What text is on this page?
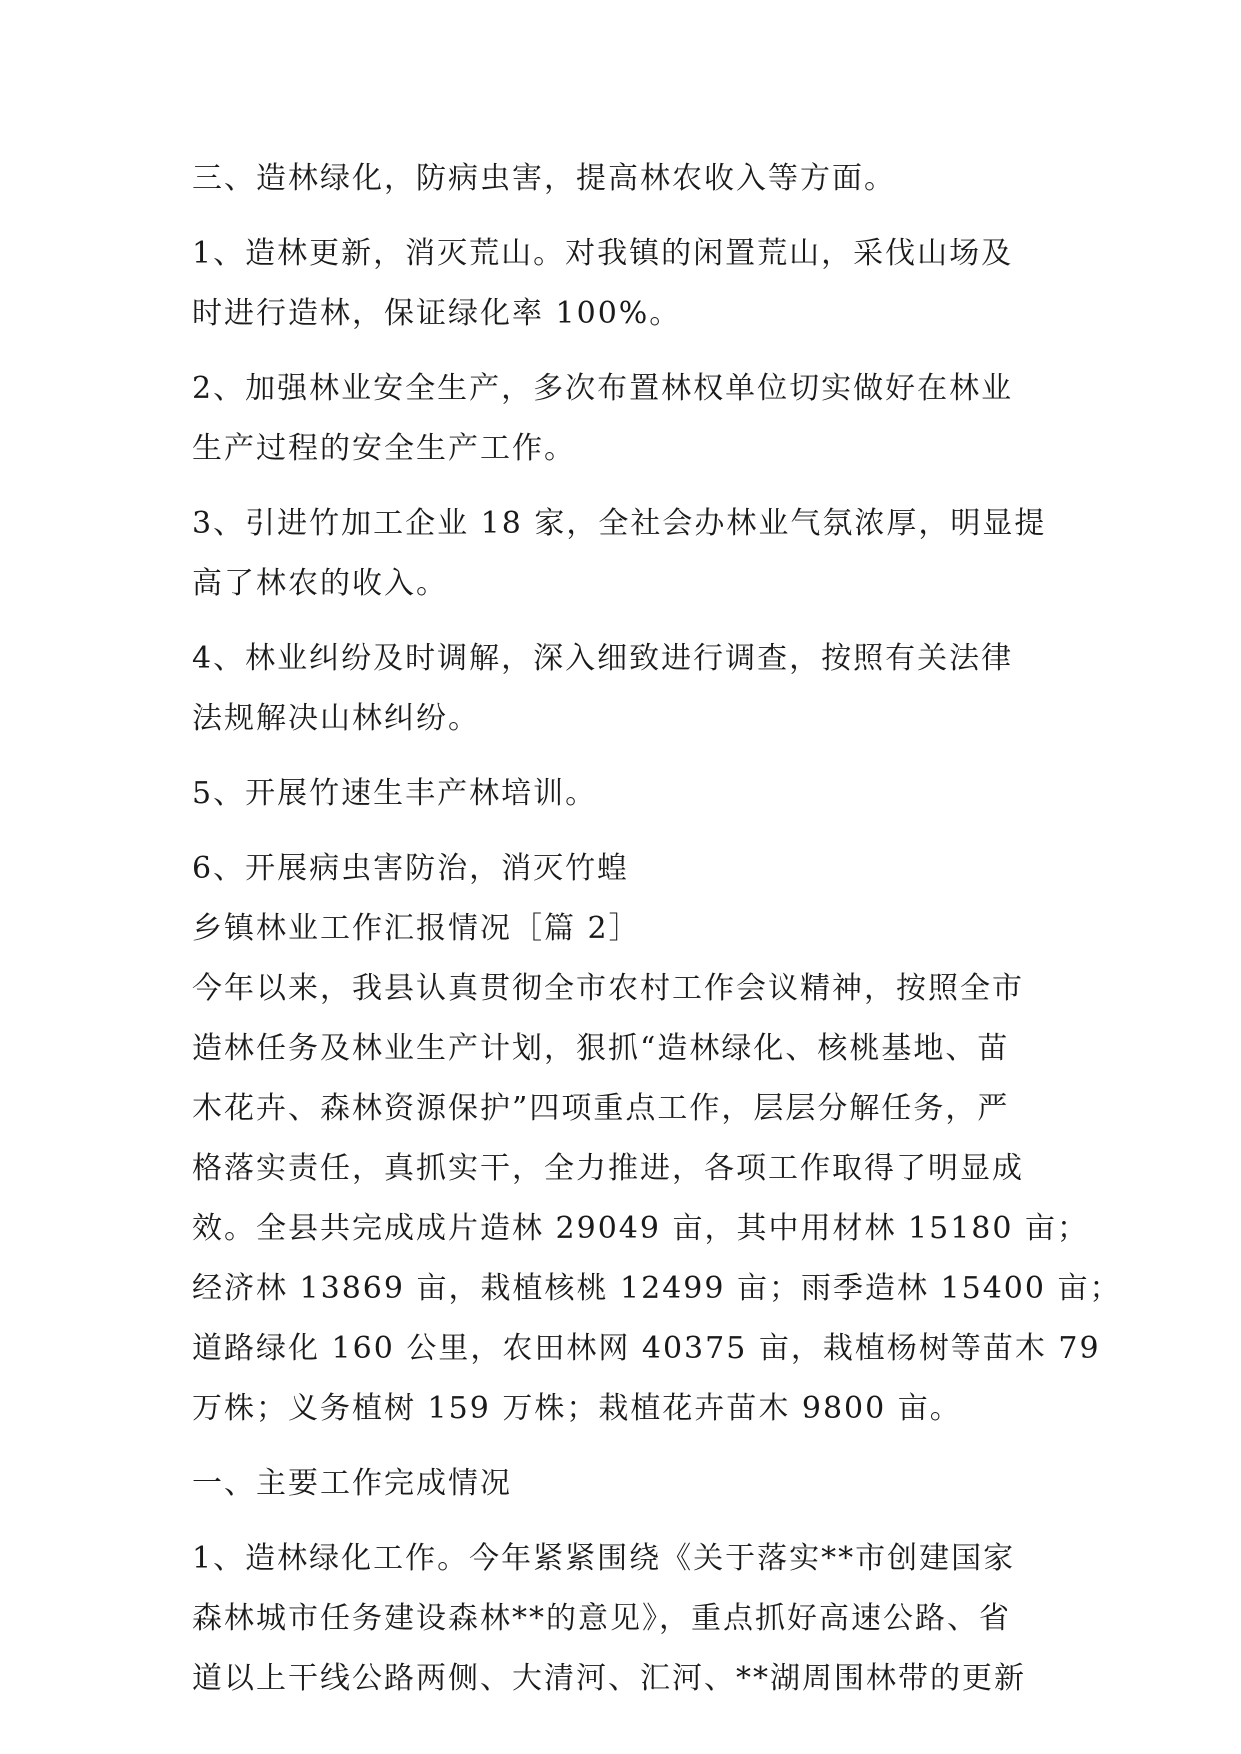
三、造林绿化，防病虫害，提高林农收入等方面。

1、造林更新，消灭荒山。对我镇的闲置荒山，采伐山场及

时进行造林，保证绿化率 100%。

2、加强林业安全生产，多次布置林权单位切实做好在林业

生产过程的安全生产工作。

3、引进竹加工企业 18 家，全社会办林业气氛浓厚，明显提

高了林农的收入。

4、林业纠纷及时调解，深入细致进行调查，按照有关法律

法规解决山林纠纷。

5、开展竹速生丰产林培训。

6、开展病虫害防治，消灭竹蝗

乡镇林业工作汇报情况［篇 2］

今年以来，我县认真贯彻全市农村工作会议精神，按照全市

造林任务及林业生产计划，狠抓“造林绿化、核桃基地、苗

木花卉、森林资源保护”四项重点工作，层层分解任务，严

格落实责任，真抓实干，全力推进，各项工作取得了明显成

效。全县共完成成片造林 29049 亩，其中用材林 15180 亩；

经济林 13869 亩，栽植核桃 12499 亩；雨季造林 15400 亩；

道路绿化 160 公里，农田林网 40375 亩，栽植杨树等苗木 79

万株；义务植树 159 万株；栽植花卉苗木 9800 亩。

一、主要工作完成情况

1、造林绿化工作。今年紧紧围绕《关于落实**市创建国家

森林城市任务建设森林**的意见》，重点抓好高速公路、省

道以上干线公路两侧、大清河、汇河、**湖周围林带的更新
